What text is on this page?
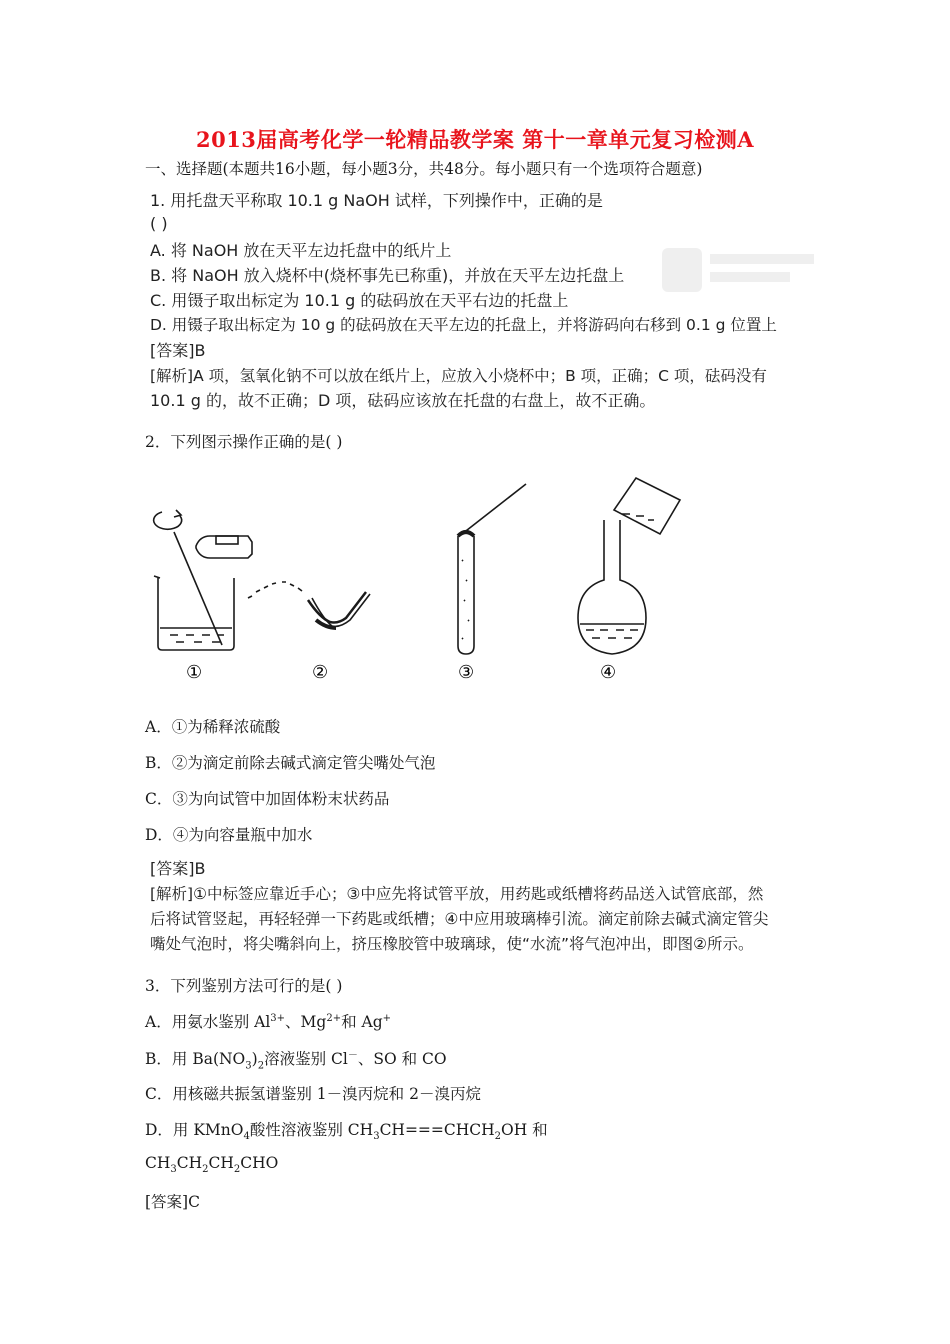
2013届高考化学一轮精品教学案 第十一章单元复习检测A
一、选择题(本题共16小题，每小题3分，共48分。每小题只有一个选项符合题意)
1. 用托盘天平称取 10.1 g NaOH 试样，下列操作中，正确的是
( )
A. 将 NaOH 放在天平左边托盘中的纸片上
B. 将 NaOH 放入烧杯中(烧杯事先已称重)，并放在天平左边托盘上
C. 用镊子取出标定为 10.1 g 的砝码放在天平右边的托盘上
D. 用镊子取出标定为 10 g 的砝码放在天平左边的托盘上，并将游码向右移到 0.1 g 位置上
[答案]B
[解析]A 项，氢氧化钠不可以放在纸片上，应放入小烧杯中；B 项，正确；C 项，砝码没有
10.1 g 的，故不正确；D 项，砝码应该放在托盘的右盘上，故不正确。
2．下列图示操作正确的是( )
①	②	③	④
A．①为稀释浓硫酸
B．②为滴定前除去碱式滴定管尖嘴处气泡
C．③为向试管中加固体粉末状药品
D．④为向容量瓶中加水
[答案]B
[解析]①中标签应靠近手心；③中应先将试管平放，用药匙或纸槽将药品送入试管底部，然
后将试管竖起，再轻轻弹一下药匙或纸槽；④中应用玻璃棒引流。滴定前除去碱式滴定管尖
嘴处气泡时，将尖嘴斜向上，挤压橡胶管中玻璃球，使“水流”将气泡冲出，即图②所示。
3．下列鉴别方法可行的是( )
A．用氨水鉴别 $Al^{3+}$、$Mg^{2+}$和 Ag+
B．用 $Ba(NO_3)_2$溶液鉴别 Cl－、SO 和 CO
C．用核磁共振氢谱鉴别 1－溴丙烷和 2－溴丙烷
D．用 KMnO$_4$酸性溶液鉴别 $CH_3CH===CHCH_2OH$ 和
$CH_3CH_2CH_2CHO$
[答案]C
